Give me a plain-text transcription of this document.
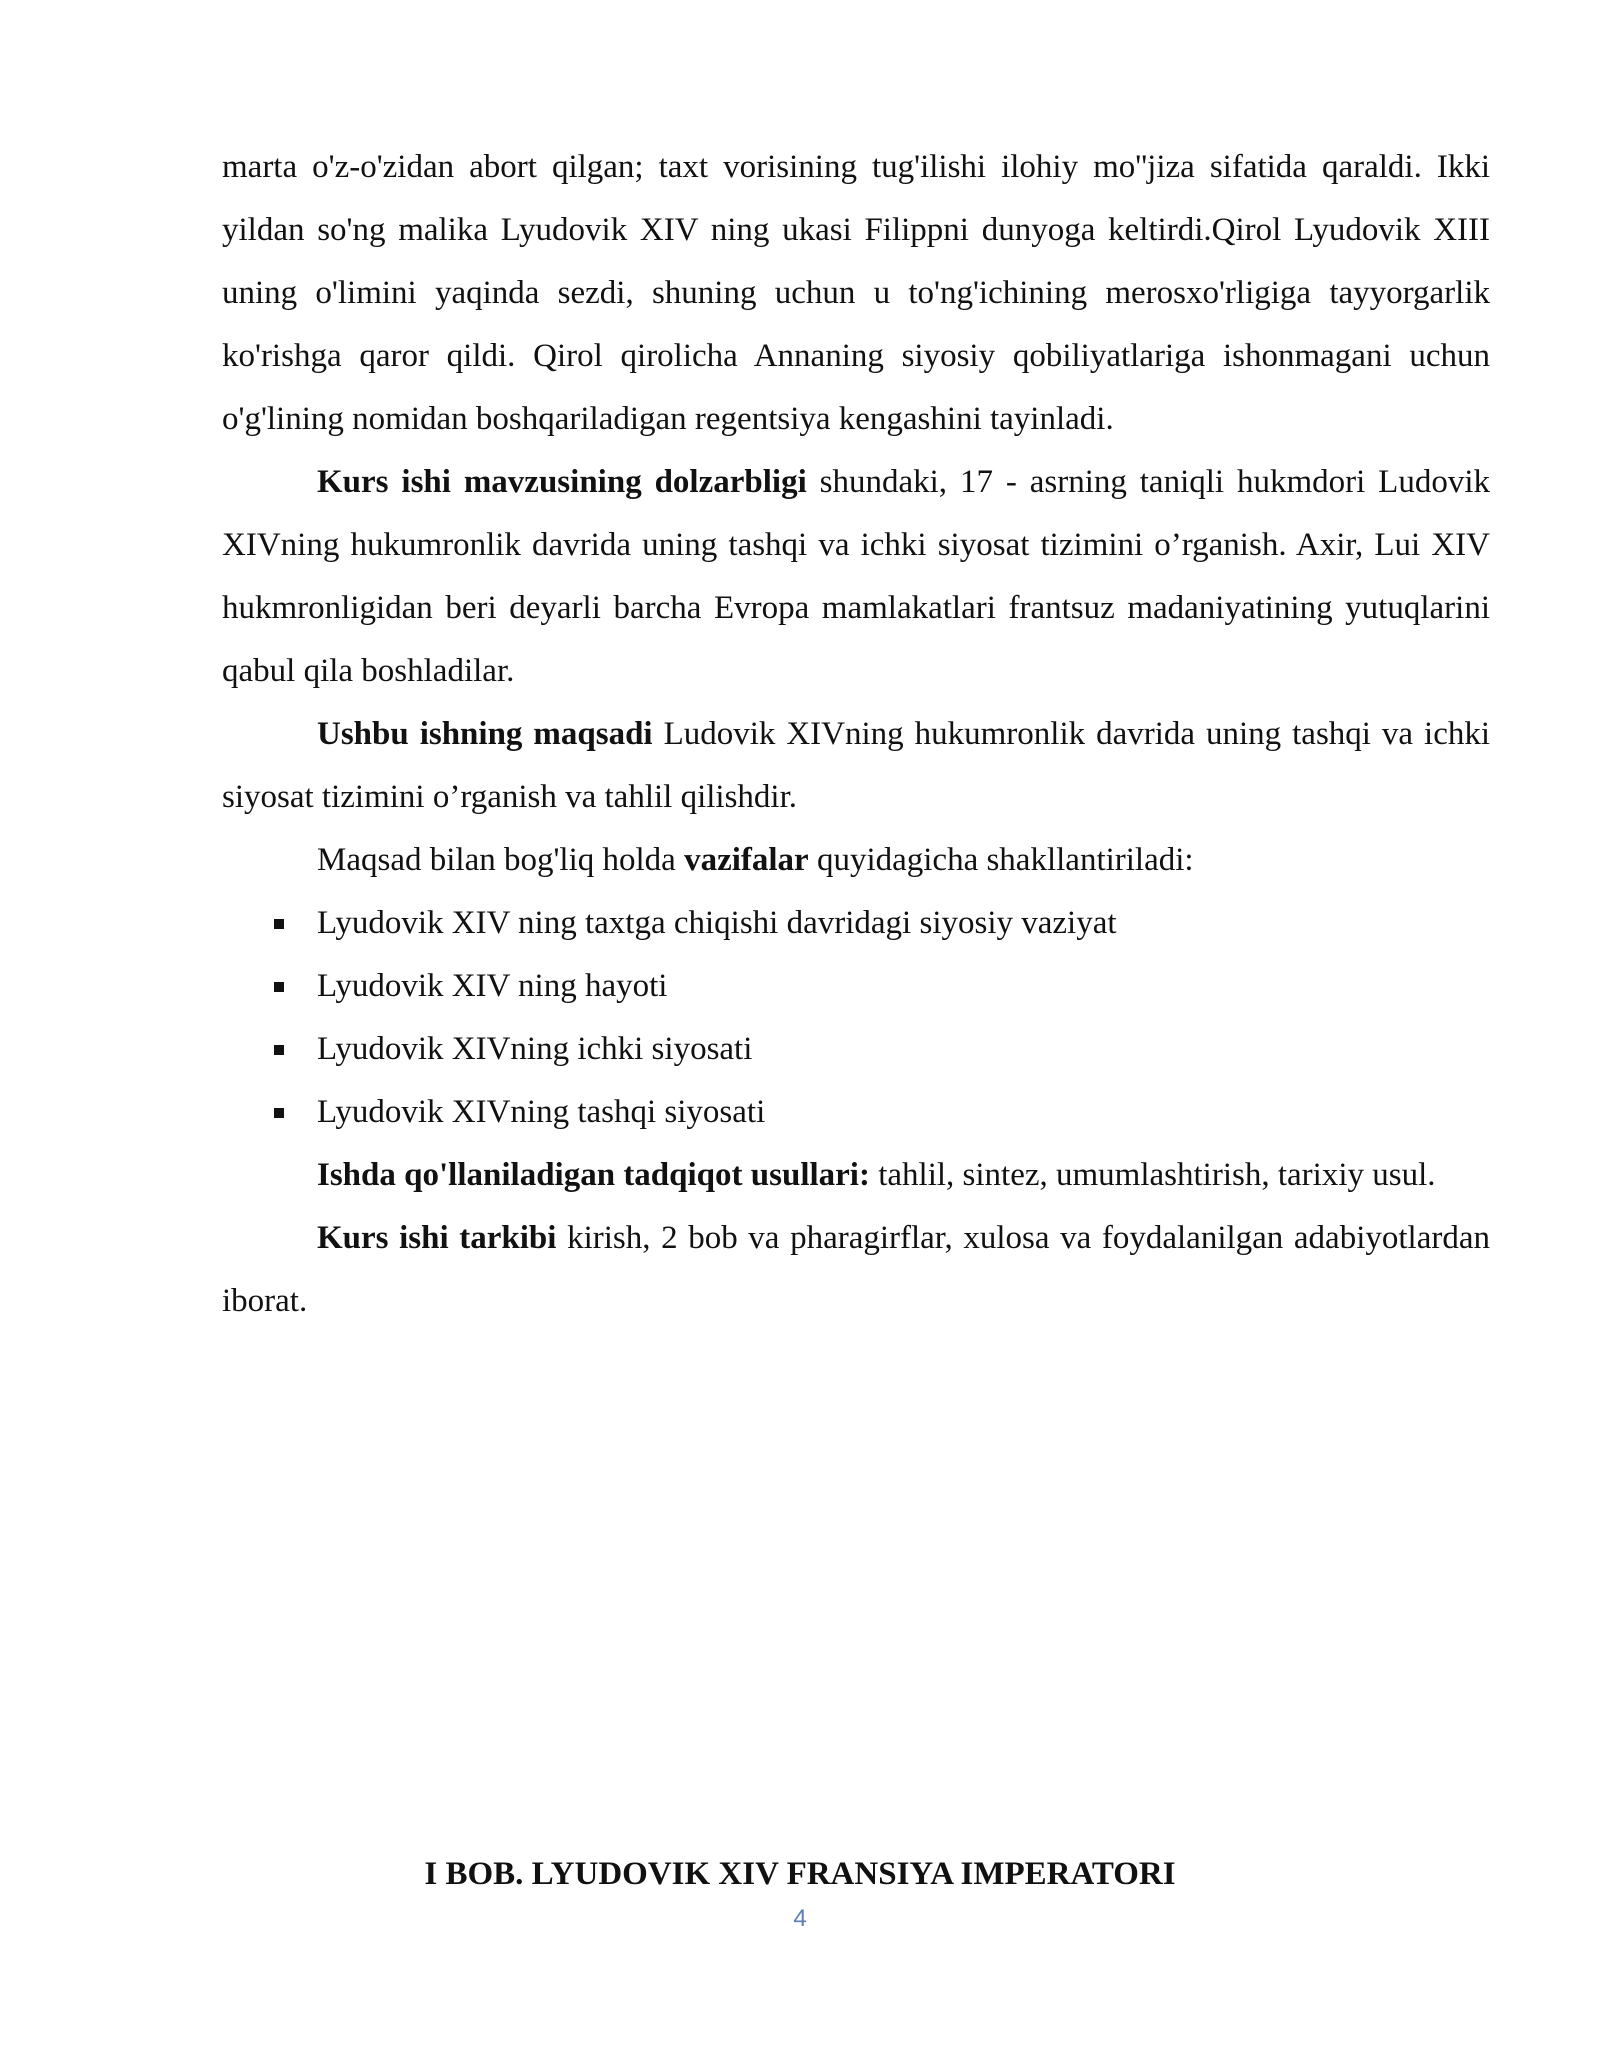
marta o'z-o'zidan abort qilgan; taxt vorisining tug'ilishi ilohiy mo''jiza sifatida qaraldi. Ikki yildan so'ng malika Lyudovik XIV ning ukasi Filippni dunyoga keltirdi.Qirol Lyudovik XIII uning o'limini yaqinda sezdi, shuning uchun u to'ng'ichining merosxo'rligiga tayyorgarlik ko'rishga qaror qildi. Qirol qirolicha Annaning siyosiy qobiliyatlariga ishonmagani uchun o'g'lining nomidan boshqariladigan regentsiya kengashini tayinladi.

Kurs ishi mavzusining dolzarbligi shundaki, 17 - asrning taniqli hukmdori Ludovik XIVning hukumronlik davrida uning tashqi va ichki siyosat tizimini o’rganish. Axir, Lui XIV hukmronligidan beri deyarli barcha Evropa mamlakatlari frantsuz madaniyatining yutuqlarini qabul qila boshladilar.

Ushbu ishning maqsadi Ludovik XIVning hukumronlik davrida uning tashqi va ichki siyosat tizimini o’rganish va tahlil qilishdir.

Maqsad bilan bog'liq holda vazifalar quyidagicha shakllantiriladi:

Lyudovik XIV ning taxtga chiqishi davridagi siyosiy vaziyat
Lyudovik XIV ning hayoti
Lyudovik XIVning ichki siyosati
Lyudovik XIVning tashqi siyosati

Ishda qo'llaniladigan tadqiqot usullari: tahlil, sintez, umumlashtirish, tarixiy usul.

Kurs ishi tarkibi kirish, 2 bob va pharagirflar, xulosa va foydalanilgan adabiyotlardan iborat.

I BOB. LYUDOVIK XIV FRANSIYA IMPERATORI
4
